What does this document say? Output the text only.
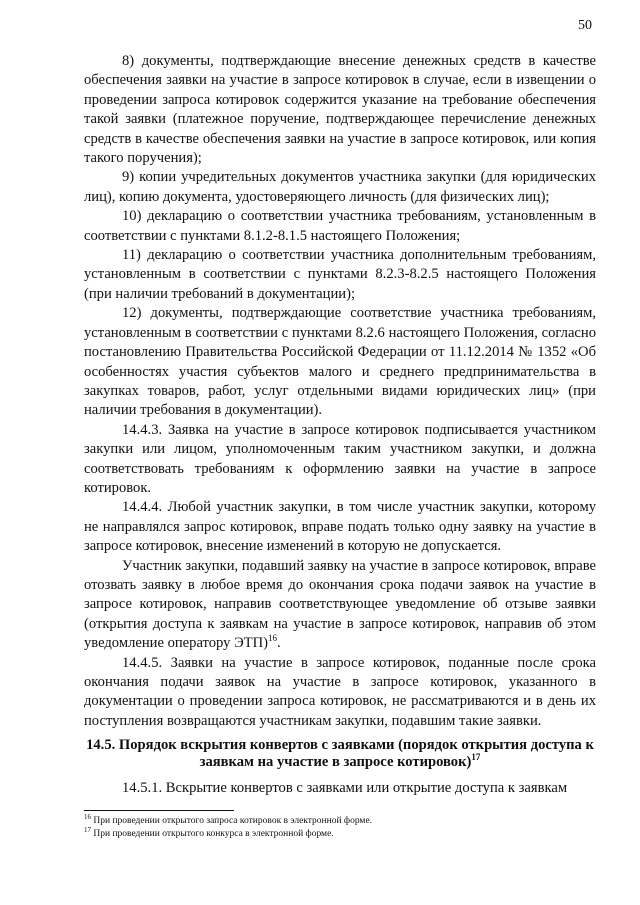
50

8) документы, подтверждающие внесение денежных средств в качестве обеспечения заявки на участие в запросе котировок в случае, если в извещении о проведении запроса котировок содержится указание на требование обеспечения такой заявки (платежное поручение, подтверждающее перечисление денежных средств в качестве обеспечения заявки на участие в запросе котировок, или копия такого поручения);

9) копии учредительных документов участника закупки (для юридических лиц), копию документа, удостоверяющего личность (для физических лиц);

10) декларацию о соответствии участника требованиям, установленным в соответствии с пунктами 8.1.2-8.1.5 настоящего Положения;

11) декларацию о соответствии участника дополнительным требованиям, установленным в соответствии с пунктами 8.2.3-8.2.5 настоящего Положения (при наличии требований в документации);

12) документы, подтверждающие соответствие участника требованиям, установленным в соответствии с пунктами 8.2.6 настоящего Положения, согласно постановлению Правительства Российской Федерации от 11.12.2014 № 1352 «Об особенностях участия субъектов малого и среднего предпринимательства в закупках товаров, работ, услуг отдельными видами юридических лиц» (при наличии требования в документации).

14.4.3. Заявка на участие в запросе котировок подписывается участником закупки или лицом, уполномоченным таким участником закупки, и должна соответствовать требованиям к оформлению заявки на участие в запросе котировок.

14.4.4. Любой участник закупки, в том числе участник закупки, которому не направлялся запрос котировок, вправе подать только одну заявку на участие в запросе котировок, внесение изменений в которую не допускается.

Участник закупки, подавший заявку на участие в запросе котировок, вправе отозвать заявку в любое время до окончания срока подачи заявок на участие в запросе котировок, направив соответствующее уведомление об отзыве заявки (открытия доступа к заявкам на участие в запросе котировок, направив об этом уведомление оператору ЭТП)$^{16}$.

14.4.5. Заявки на участие в запросе котировок, поданные после срока окончания подачи заявок на участие в запросе котировок, указанного в документации о проведении запроса котировок, не рассматриваются и в день их поступления возвращаются участникам закупки, подавшим такие заявки.

14.5. Порядок вскрытия конвертов с заявками (порядок открытия доступа к заявкам на участие в запросе котировок)$^{17}$

14.5.1. Вскрытие конвертов с заявками или открытие доступа к заявкам

$^{16}$ При проведении открытого запроса котировок в электронной форме.

$^{17}$ При проведении открытого конкурса в электронной форме.
